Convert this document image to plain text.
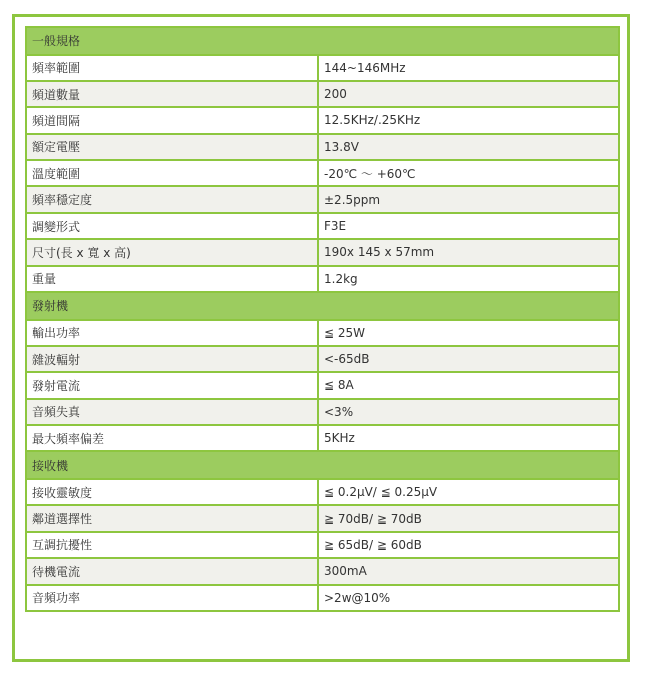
一般規格	
頻率範圍	144~146MHz
頻道數量	200
頻道間隔	12.5KHz/.25KHz
額定電壓	13.8V
溫度範圍	-20℃ ～ +60℃
頻率穩定度	±2.5ppm
調變形式	F3E
尺寸(長 x 寬 x 高)	190x 145 x 57mm
重量	1.2kg
發射機	
輸出功率	≦ 25W
雜波輻射	<-65dB
發射電流	≦ 8A
音頻失真	<3%
最大頻率偏差	5KHz
接收機	
接收靈敏度	≦ 0.2μV/ ≦ 0.25μV
鄰道選擇性	≧ 70dB/ ≧ 70dB
互調抗擾性	≧ 65dB/ ≧ 60dB
待機電流	300mA
音頻功率	>2w@10%
